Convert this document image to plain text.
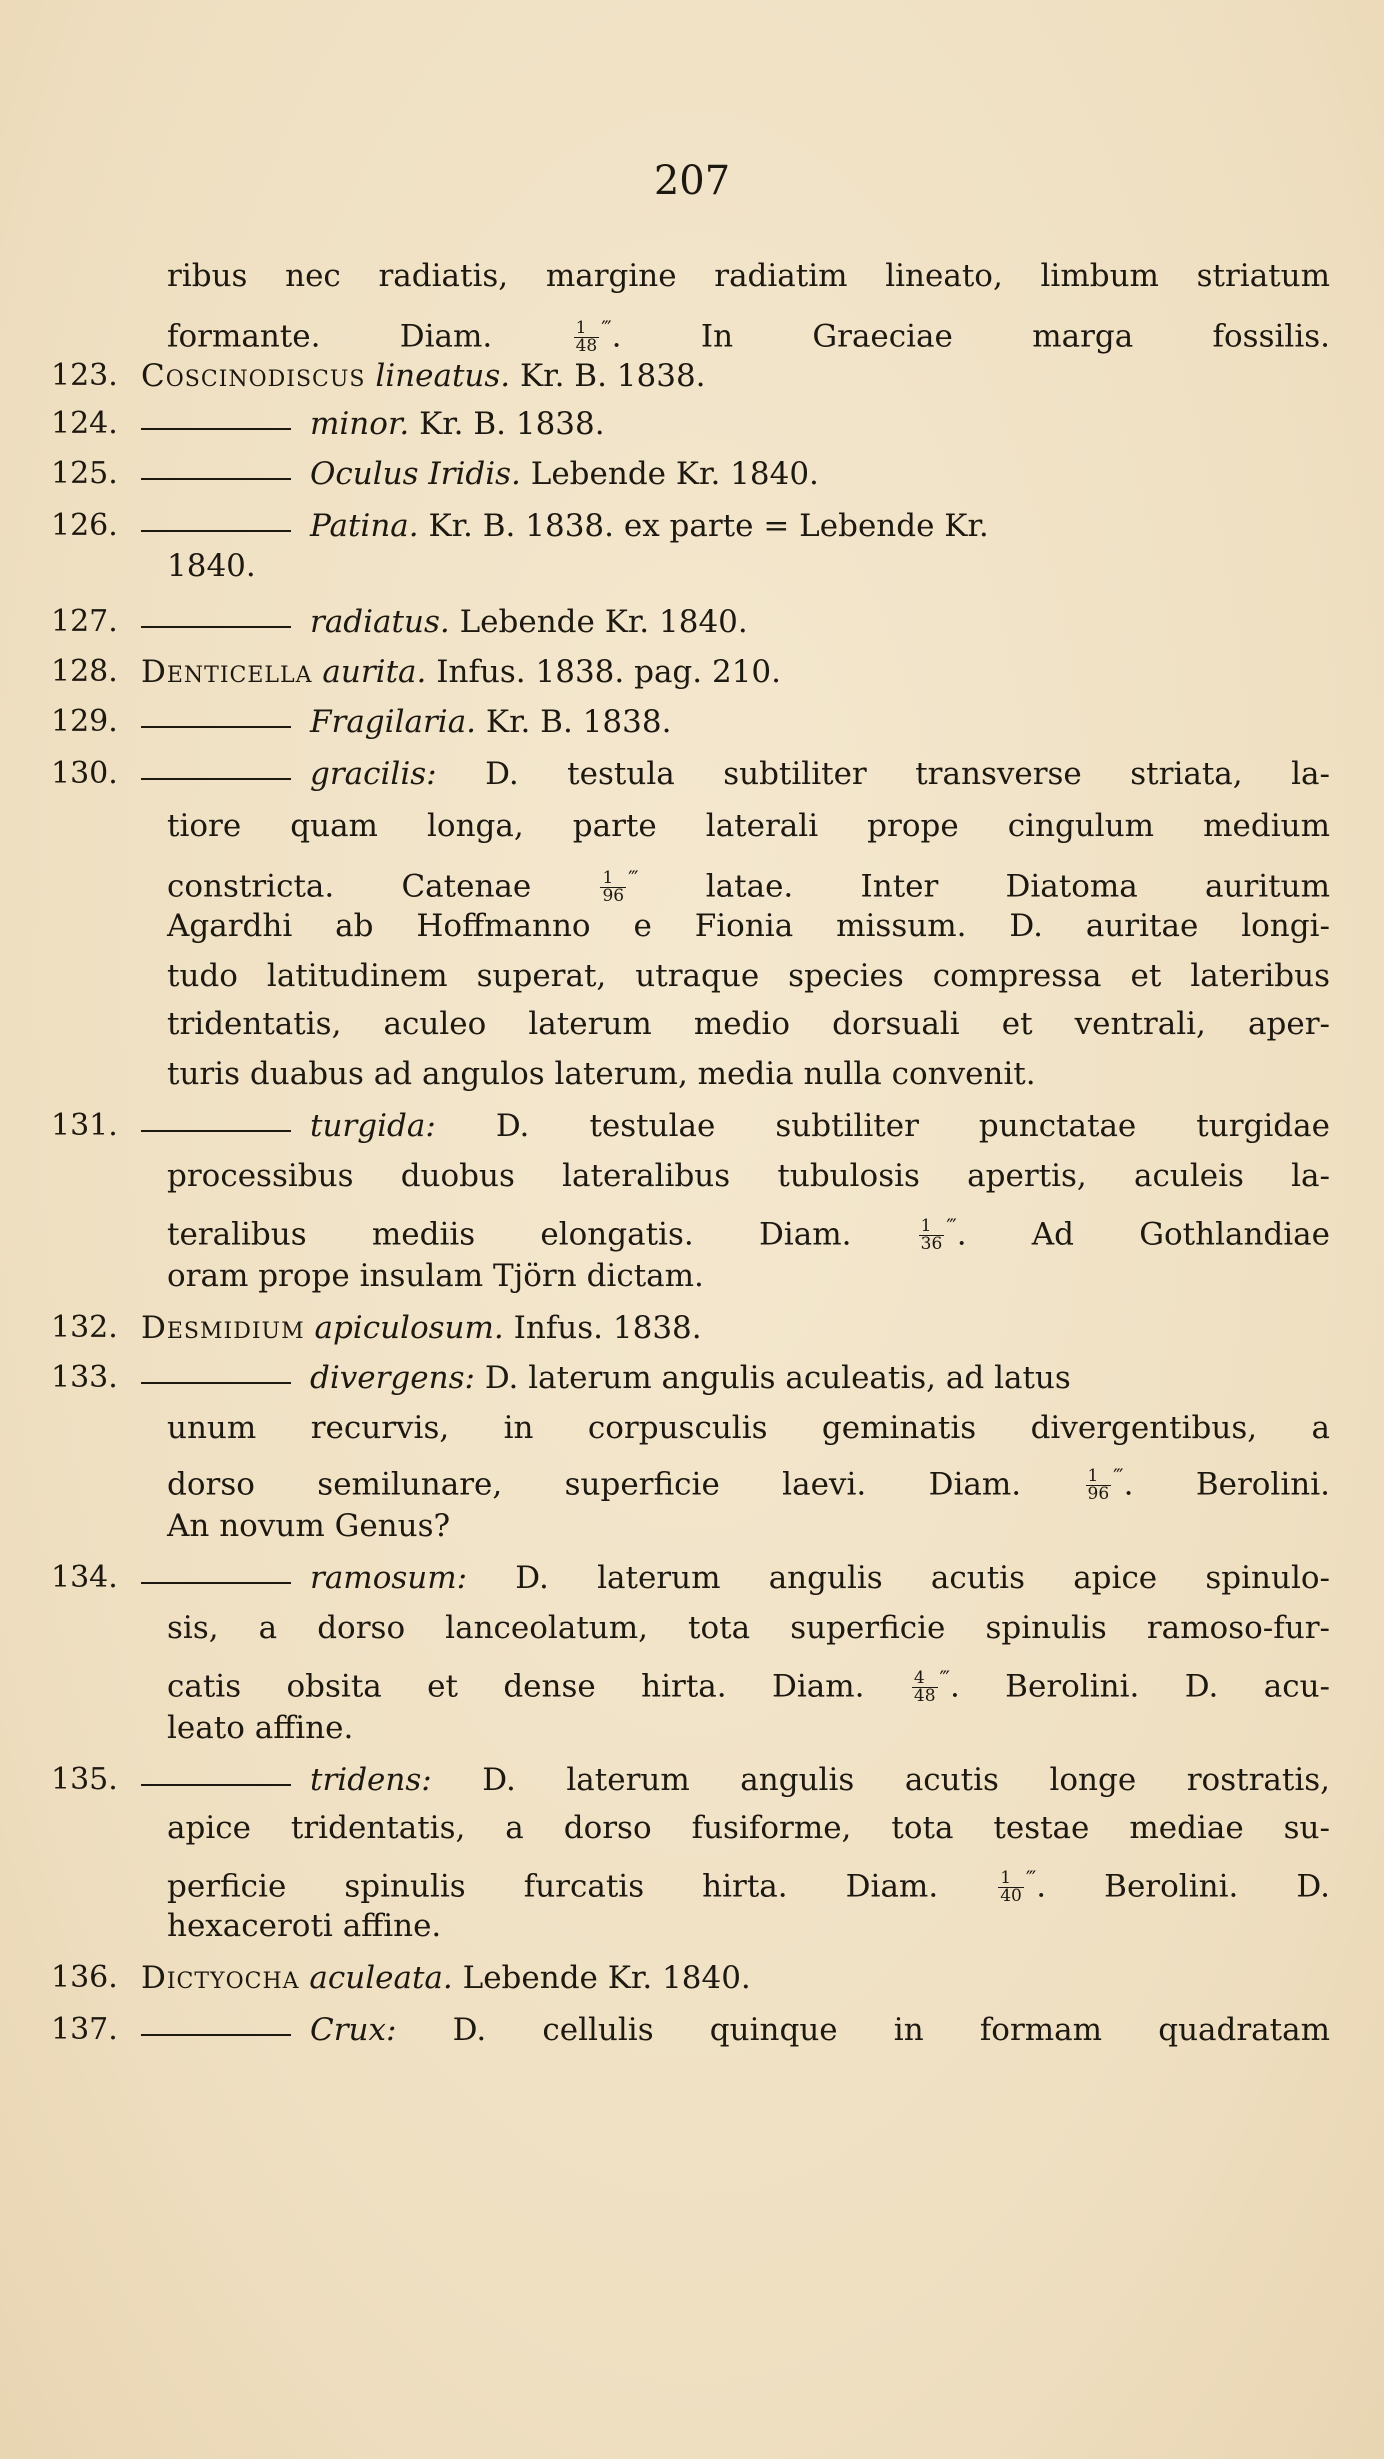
207
ribus nec radiatis, margine radiatim lineato, limbum striatum
formante. Diam.	$\frac{1}{48} ^‴$. In Graeciae marga fossilis.
123. Coscinodiscus lineatus. Kr. B. 1838.
124.	minor. Kr. B. 1838.
125.	Oculus Iridis. Lebende Kr. 1840.
126.	Patina. Kr. B. 1838. ex parte = Lebende Kr.
1840.
127.	radiatus. Lebende Kr. 1840.
128. Denticella aurita. Infus. 1838. pag. 210.
129.	Fragilaria. Kr. B. 1838.
130.	gracilis: D. testula subtiliter transverse striata, la-
tiore quam longa, parte laterali prope cingulum medium
constricta. Catenae	$\frac{1}{96} ^‴$ latae. Inter Diatoma auritum
Agardhi ab Hoffmanno e Fionia missum. D. auritae longi-
tudo latitudinem superat, utraque species compressa et lateribus
tridentatis, aculeo laterum medio dorsuali et ventrali, aper-
turis duabus ad angulos laterum, media nulla convenit.
131.	turgida: D. testulae subtiliter punctatae turgidae
processibus duobus lateralibus tubulosis apertis, aculeis la-
teralibus mediis elongatis. Diam.	$\frac{1}{36} ^‴$. Ad Gothlandiae
oram prope insulam Tjörn dictam.
132. Desmidium apiculosum. Infus. 1838.
133.	divergens: D. laterum angulis aculeatis, ad latus
unum recurvis, in corpusculis geminatis divergentibus, a
dorso semilunare, superficie laevi. Diam.	$\frac{1}{96} ^‴$. Berolini.
An novum Genus?
134.	ramosum: D. laterum angulis acutis apice spinulo-
sis, a dorso lanceolatum, tota superficie spinulis ramoso-fur-
catis obsita et dense hirta. Diam.	$\frac{4}{48} ^‴$. Berolini. D. acu-
leato affine.
135.	tridens: D. laterum angulis acutis longe rostratis,
apice tridentatis, a dorso fusiforme, tota testae mediae su-
perficie spinulis furcatis hirta. Diam.	$\frac{1}{40} ^‴$. Berolini. D.
hexaceroti affine.
136. Dictyocha aculeata. Lebende Kr. 1840.
137.	Crux: D. cellulis quinque in formam quadratam
